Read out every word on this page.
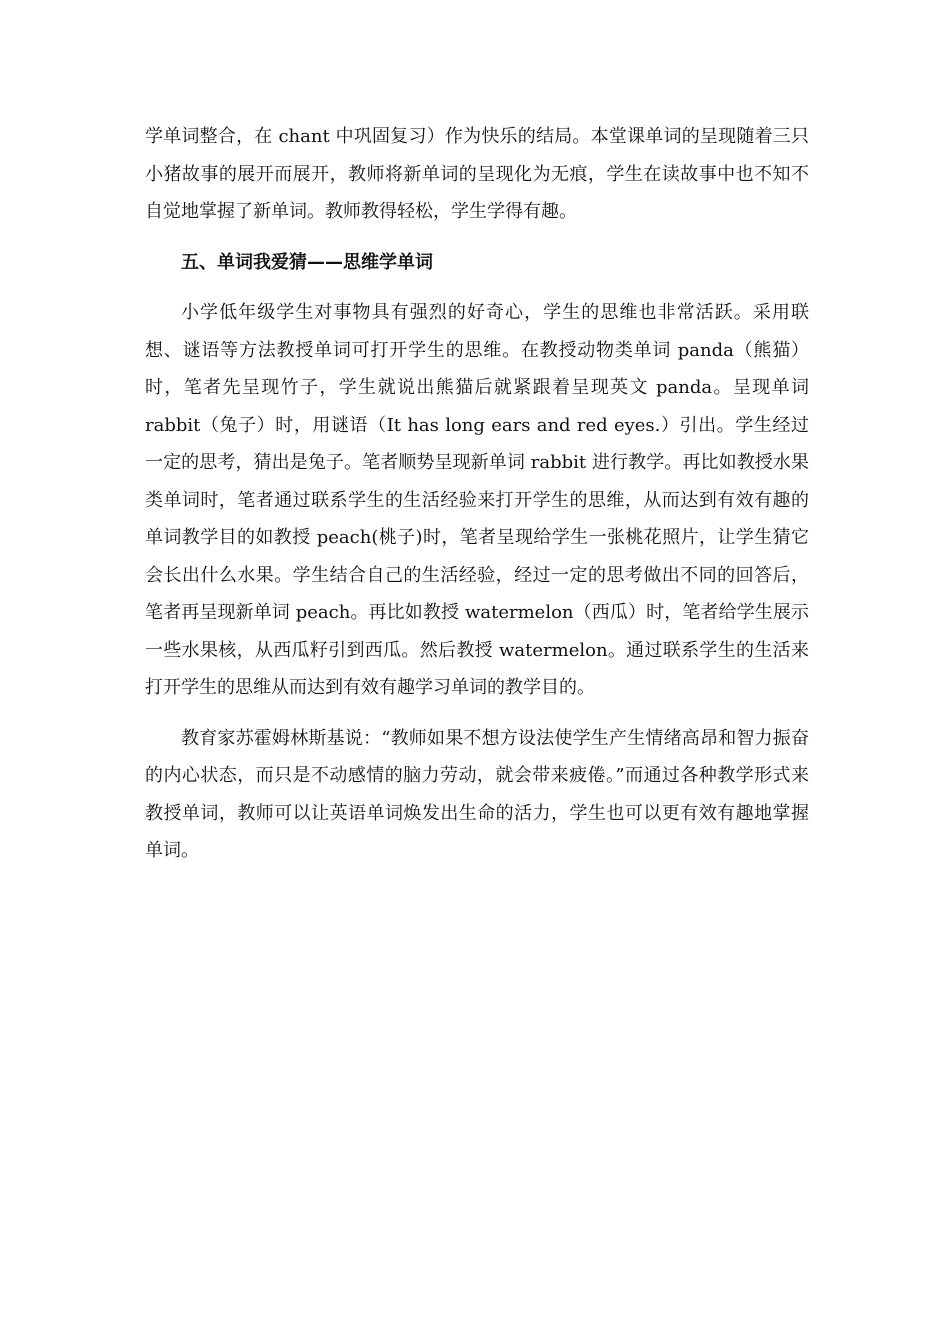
学单词整合，在 chant 中巩固复习）作为快乐的结局。本堂课单词的呈现随着三只小猪故事的展开而展开，教师将新单词的呈现化为无痕，学生在读故事中也不知不自觉地掌握了新单词。教师教得轻松，学生学得有趣。

五、单词我爱猜——思维学单词

小学低年级学生对事物具有强烈的好奇心，学生的思维也非常活跃。采用联想、谜语等方法教授单词可打开学生的思维。在教授动物类单词 panda（熊猫）时，笔者先呈现竹子，学生就说出熊猫后就紧跟着呈现英文 panda。呈现单词 rabbit（兔子）时，用谜语（It has long ears and red eyes.）引出。学生经过一定的思考，猜出是兔子。笔者顺势呈现新单词 rabbit 进行教学。再比如教授水果类单词时，笔者通过联系学生的生活经验来打开学生的思维，从而达到有效有趣的单词教学目的如教授 peach(桃子)时，笔者呈现给学生一张桃花照片，让学生猜它会长出什么水果。学生结合自己的生活经验，经过一定的思考做出不同的回答后，笔者再呈现新单词 peach。再比如教授 watermelon（西瓜）时，笔者给学生展示一些水果核，从西瓜籽引到西瓜。然后教授 watermelon。通过联系学生的生活来打开学生的思维从而达到有效有趣学习单词的教学目的。

教育家苏霍姆林斯基说：“教师如果不想方设法使学生产生情绪高昂和智力振奋的内心状态，而只是不动感情的脑力劳动，就会带来疲倦。”而通过各种教学形式来教授单词，教师可以让英语单词焕发出生命的活力，学生也可以更有效有趣地掌握单词。
